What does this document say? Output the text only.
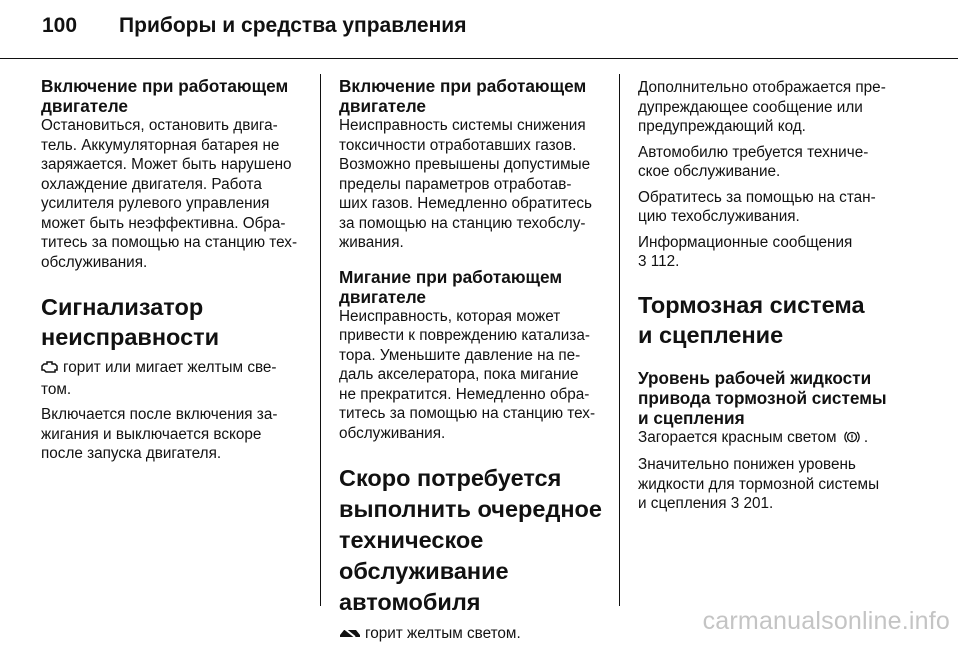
100 Приборы и средства управления
Включение при работающем
двигателе
Остановиться, остановить двига-
тель. Аккумуляторная батарея не
заряжается. Может быть нарушено
охлаждение двигателя. Работа
усилителя рулевого управления
может быть неэффективна. Обра-
титесь за помощью на станцию тех-
обслуживания.
Сигнализатор
неисправности
горит или мигает желтым све-
том.
Включается после включения за-
жигания и выключается вскоре
после запуска двигателя.
Включение при работающем
двигателе
Неисправность системы снижения
токсичности отработавших газов.
Возможно превышены допустимые
пределы параметров отработав-
ших газов. Немедленно обратитесь
за помощью на станцию техобслу-
живания.
Мигание при работающем
двигателе
Неисправность, которая может
привести к повреждению катализа-
тора. Уменьшите давление на пе-
даль акселератора, пока мигание
не прекратится. Немедленно обра-
титесь за помощью на станцию тех-
обслуживания.
Скоро потребуется
выполнить очередное
техническое
обслуживание
автомобиля
горит желтым светом.
Дополнительно отображается пре-
дупреждающее сообщение или
предупреждающий код.
Автомобилю требуется техниче-
ское обслуживание.
Обратитесь за помощью на стан-
цию техобслуживания.
Информационные сообщения
3 112.
Тормозная система
и сцепление
Уровень рабочей жидкости
привода тормозной системы
и сцепления
Загорается красным светом .
Значительно понижен уровень
жидкости для тормозной системы
и сцепления 3 201.
carmanualsonline.info
